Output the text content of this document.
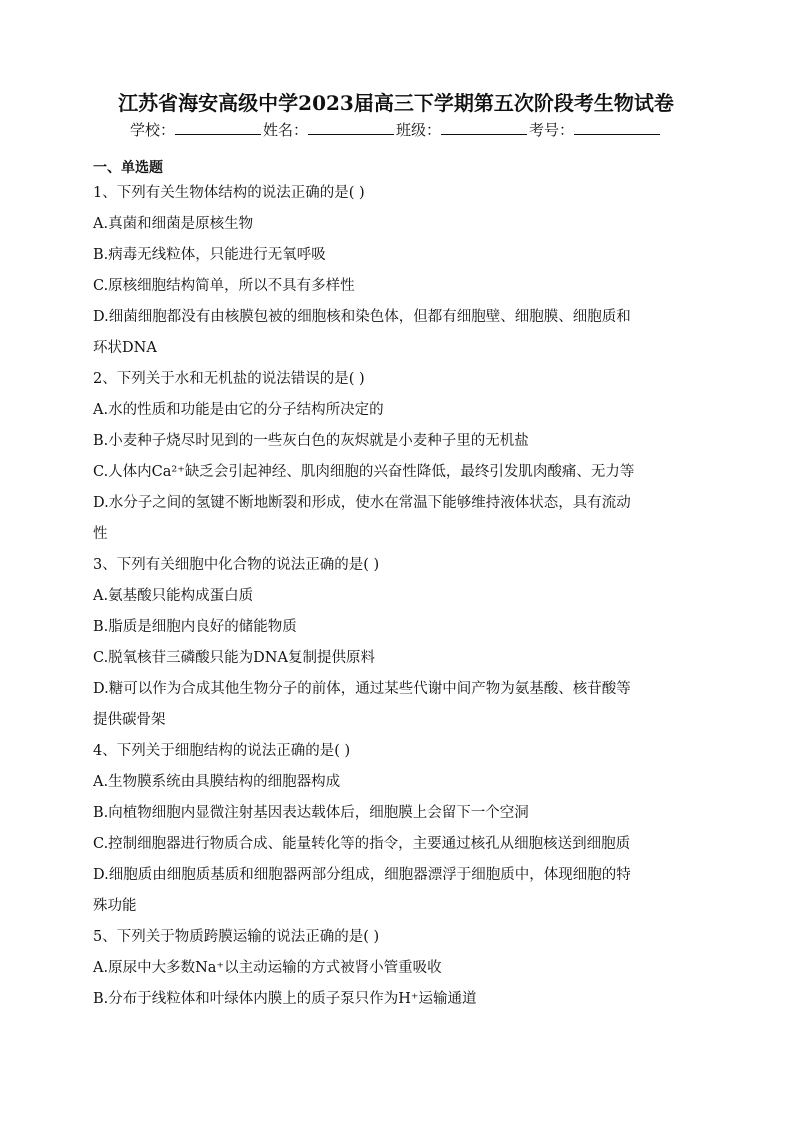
江苏省海安高级中学2023届高三下学期第五次阶段考生物试卷
学校：	姓名：	班级：	考号：
一、单选题
1、下列有关生物体结构的说法正确的是( )
A.真菌和细菌是原核生物
B.病毒无线粒体，只能进行无氧呼吸
C.原核细胞结构简单，所以不具有多样性
D.细菌细胞都没有由核膜包被的细胞核和染色体，但都有细胞壁、细胞膜、细胞质和
环状DNA
2、下列关于水和无机盐的说法错误的是( )
A.水的性质和功能是由它的分子结构所决定的
B.小麦种子烧尽时见到的一些灰白色的灰烬就是小麦种子里的无机盐
C.人体内Ca²⁺缺乏会引起神经、肌肉细胞的兴奋性降低，最终引发肌肉酸痛、无力等
D.水分子之间的氢键不断地断裂和形成，使水在常温下能够维持液体状态，具有流动
性
3、下列有关细胞中化合物的说法正确的是( )
A.氨基酸只能构成蛋白质
B.脂质是细胞内良好的储能物质
C.脱氧核苷三磷酸只能为DNA复制提供原料
D.糖可以作为合成其他生物分子的前体，通过某些代谢中间产物为氨基酸、核苷酸等
提供碳骨架
4、下列关于细胞结构的说法正确的是( )
A.生物膜系统由具膜结构的细胞器构成
B.向植物细胞内显微注射基因表达载体后，细胞膜上会留下一个空洞
C.控制细胞器进行物质合成、能量转化等的指令，主要通过核孔从细胞核送到细胞质
D.细胞质由细胞质基质和细胞器两部分组成，细胞器漂浮于细胞质中，体现细胞的特
殊功能
5、下列关于物质跨膜运输的说法正确的是( )
A.原尿中大多数Na⁺以主动运输的方式被肾小管重吸收
B.分布于线粒体和叶绿体内膜上的质子泵只作为H⁺运输通道
